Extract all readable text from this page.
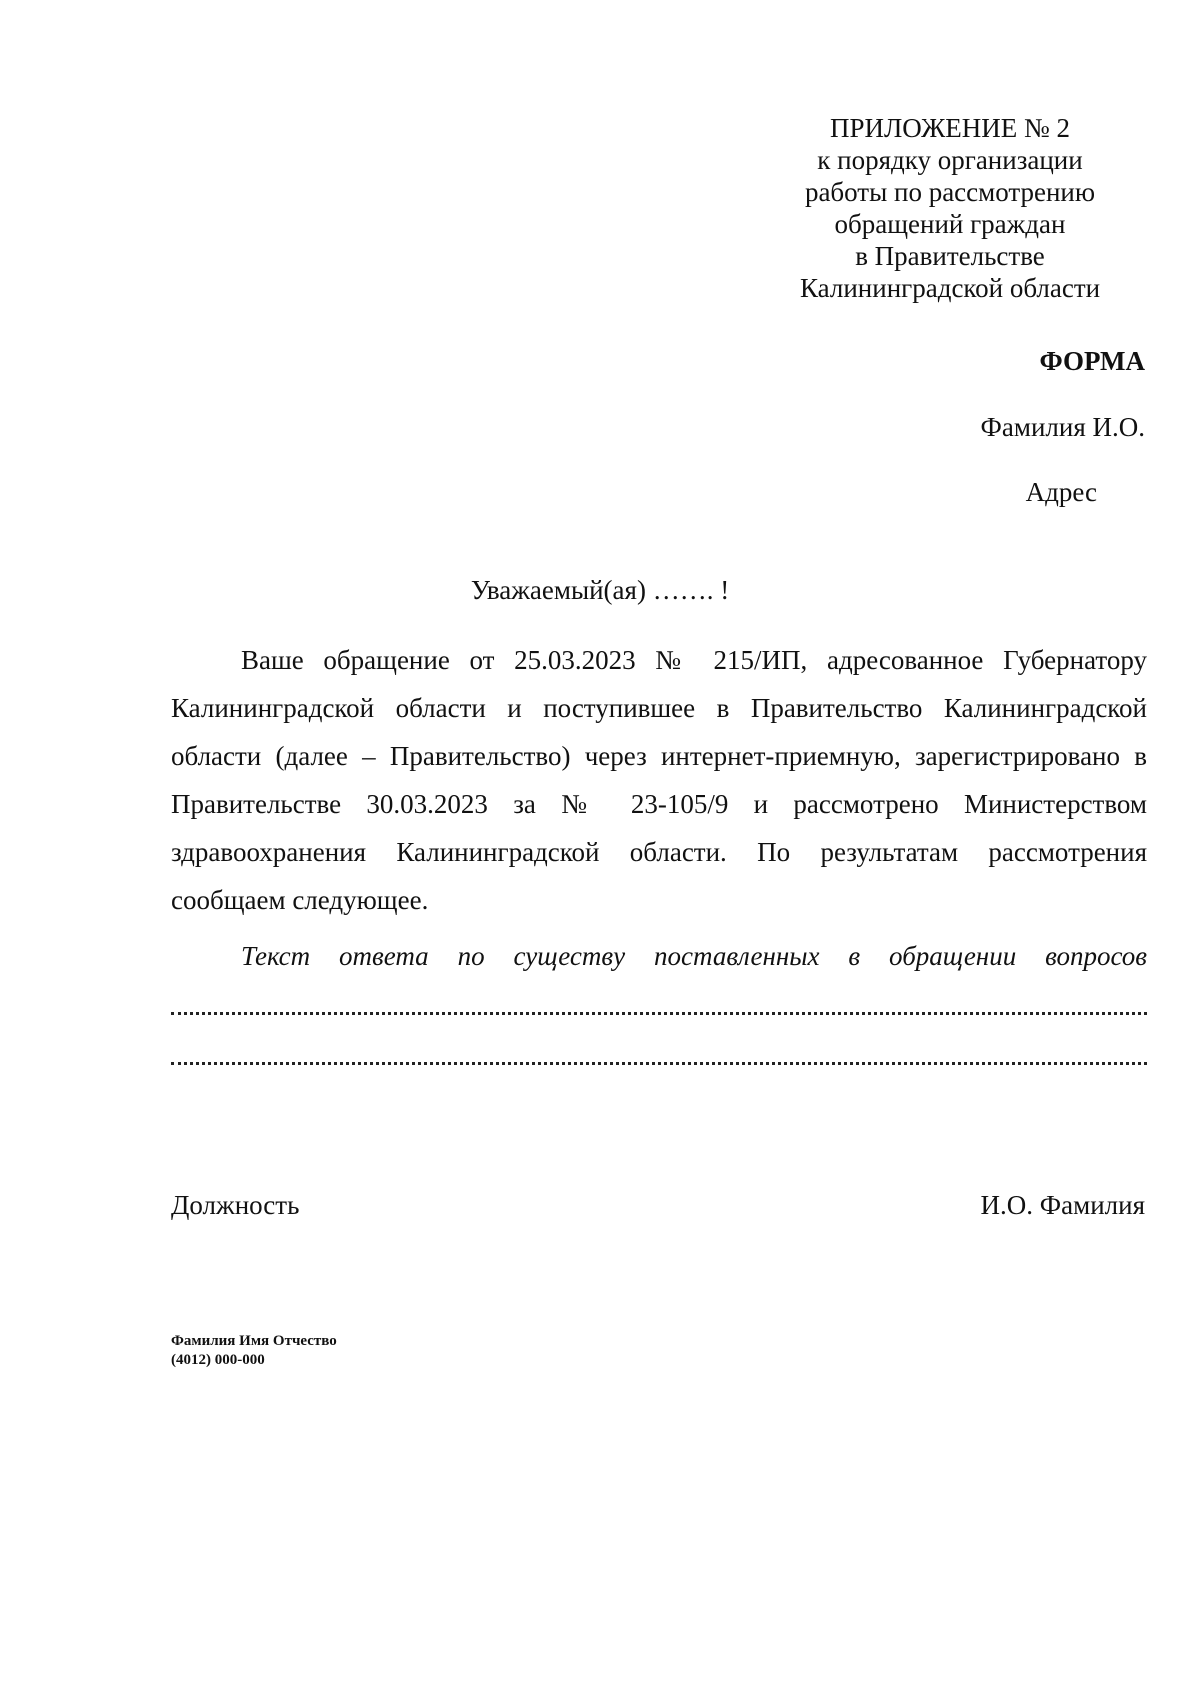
ПРИЛОЖЕНИЕ № 2
к порядку организации
работы по рассмотрению
обращений граждан
в Правительстве
Калининградской области
ФОРМА
Фамилия И.О.
Адрес
Уважаемый(ая) ……. !

Ваше обращение от 25.03.2023 № 215/ИП, адресованное Губернатору Калининградской области и поступившее в Правительство Калининградской области (далее – Правительство) через интернет-приемную, зарегистрировано в Правительстве 30.03.2023 за № 23-105/9 и рассмотрено Министерством здравоохранения Калининградской области. По результатам рассмотрения сообщаем следующее.

Текст ответа по существу поставленных в обращении вопросов

Должность	И.О. Фамилия
Фамилия Имя Отчество
(4012) 000-000
